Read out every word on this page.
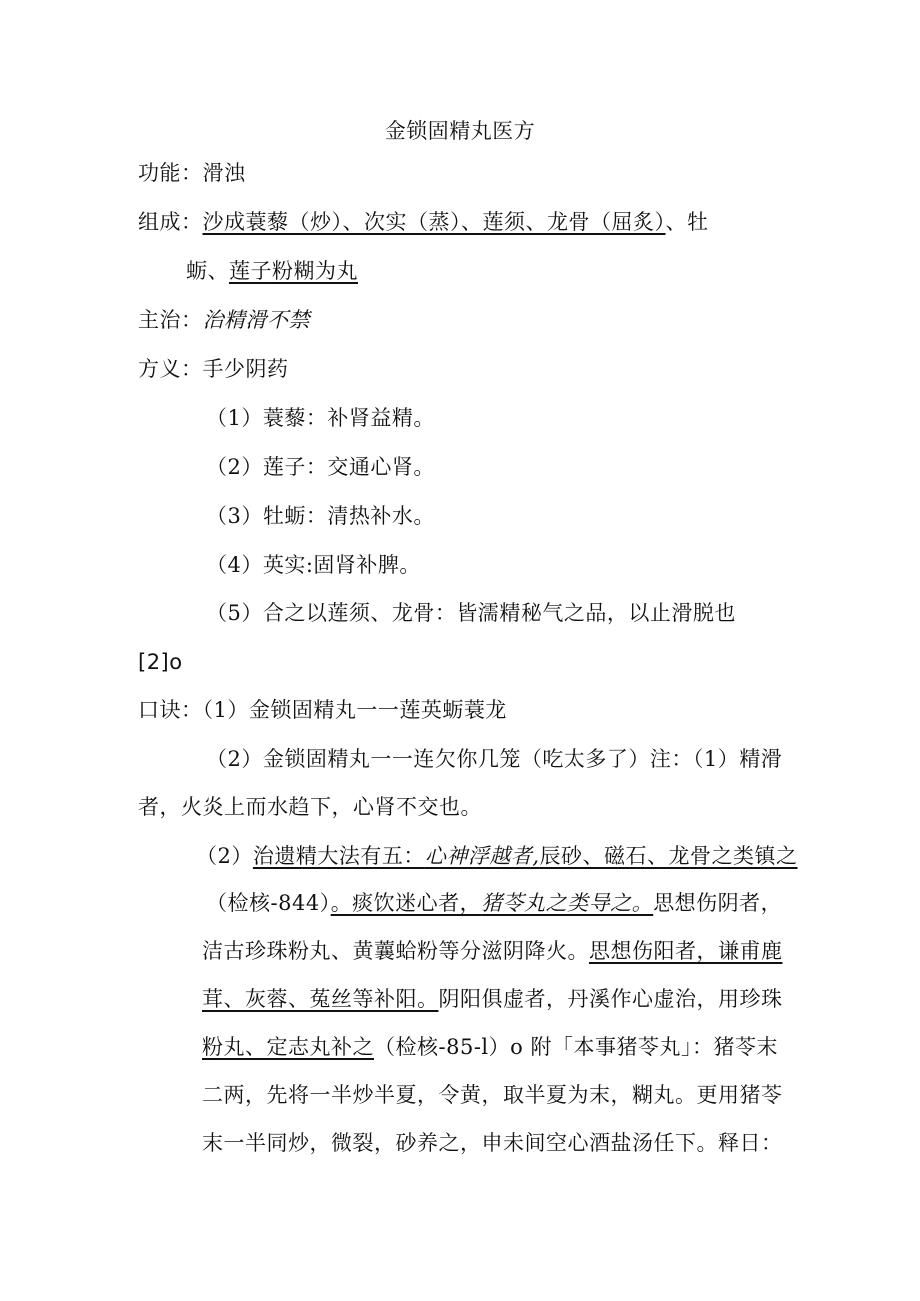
金锁固精丸医方
功能：滑浊
组成：沙成蓑藜（炒）、次实（蒸）、莲须、龙骨（屈炙）、牡
蛎、莲子粉糊为丸
主治：治精滑不禁
方义：手少阴药
（1）蓑藜：补肾益精。
（2）莲子：交通心肾。
（3）牡蛎：清热补水。
（4）英实:固肾补脾。
（5）合之以莲须、龙骨：皆濡精秘气之品，以止滑脱也
[2]o
口诀：（1）金锁固精丸一一莲英蛎蓑龙
（2）金锁固精丸一一连欠你几笼（吃太多了）注：（1）精滑
者，火炎上而水趋下，心肾不交也。
（2）治遗精大法有五：心神浮越者,辰砂、磁石、龙骨之类镇之
（检核-844）。痰饮迷心者，猪苓丸之类导之。思想伤阴者，
洁古珍珠粉丸、黄蘘蛤粉等分滋阴降火。思想伤阳者，谦甫鹿
茸、灰蓉、菟丝等补阳。阴阳俱虚者，丹溪作心虚治，用珍珠
粉丸、定志丸补之（检核-85-l）o 附「本事猪苓丸」：猪苓末
二两，先将一半炒半夏，令黄，取半夏为末，糊丸。更用猪苓
末一半同炒，微裂，砂养之，申未间空心酒盐汤任下。释日：
